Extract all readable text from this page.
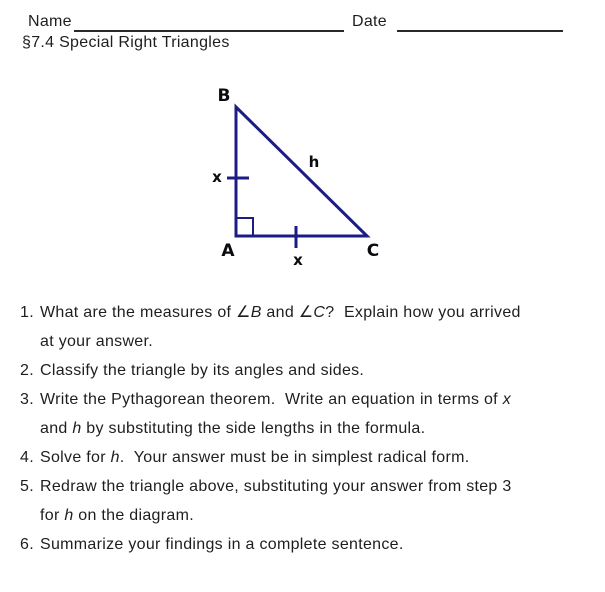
Name	Date
§7.4 Special Right Triangles
B
A	C
x
x
h
1. What are the measures of ∠B and ∠C?  Explain how you arrived
at your answer.
2. Classify the triangle by its angles and sides.
3. Write the Pythagorean theorem.  Write an equation in terms of x
and h by substituting the side lengths in the formula.
4. Solve for h.  Your answer must be in simplest radical form.
5. Redraw the triangle above, substituting your answer from step 3
for h on the diagram.
6. Summarize your findings in a complete sentence.
